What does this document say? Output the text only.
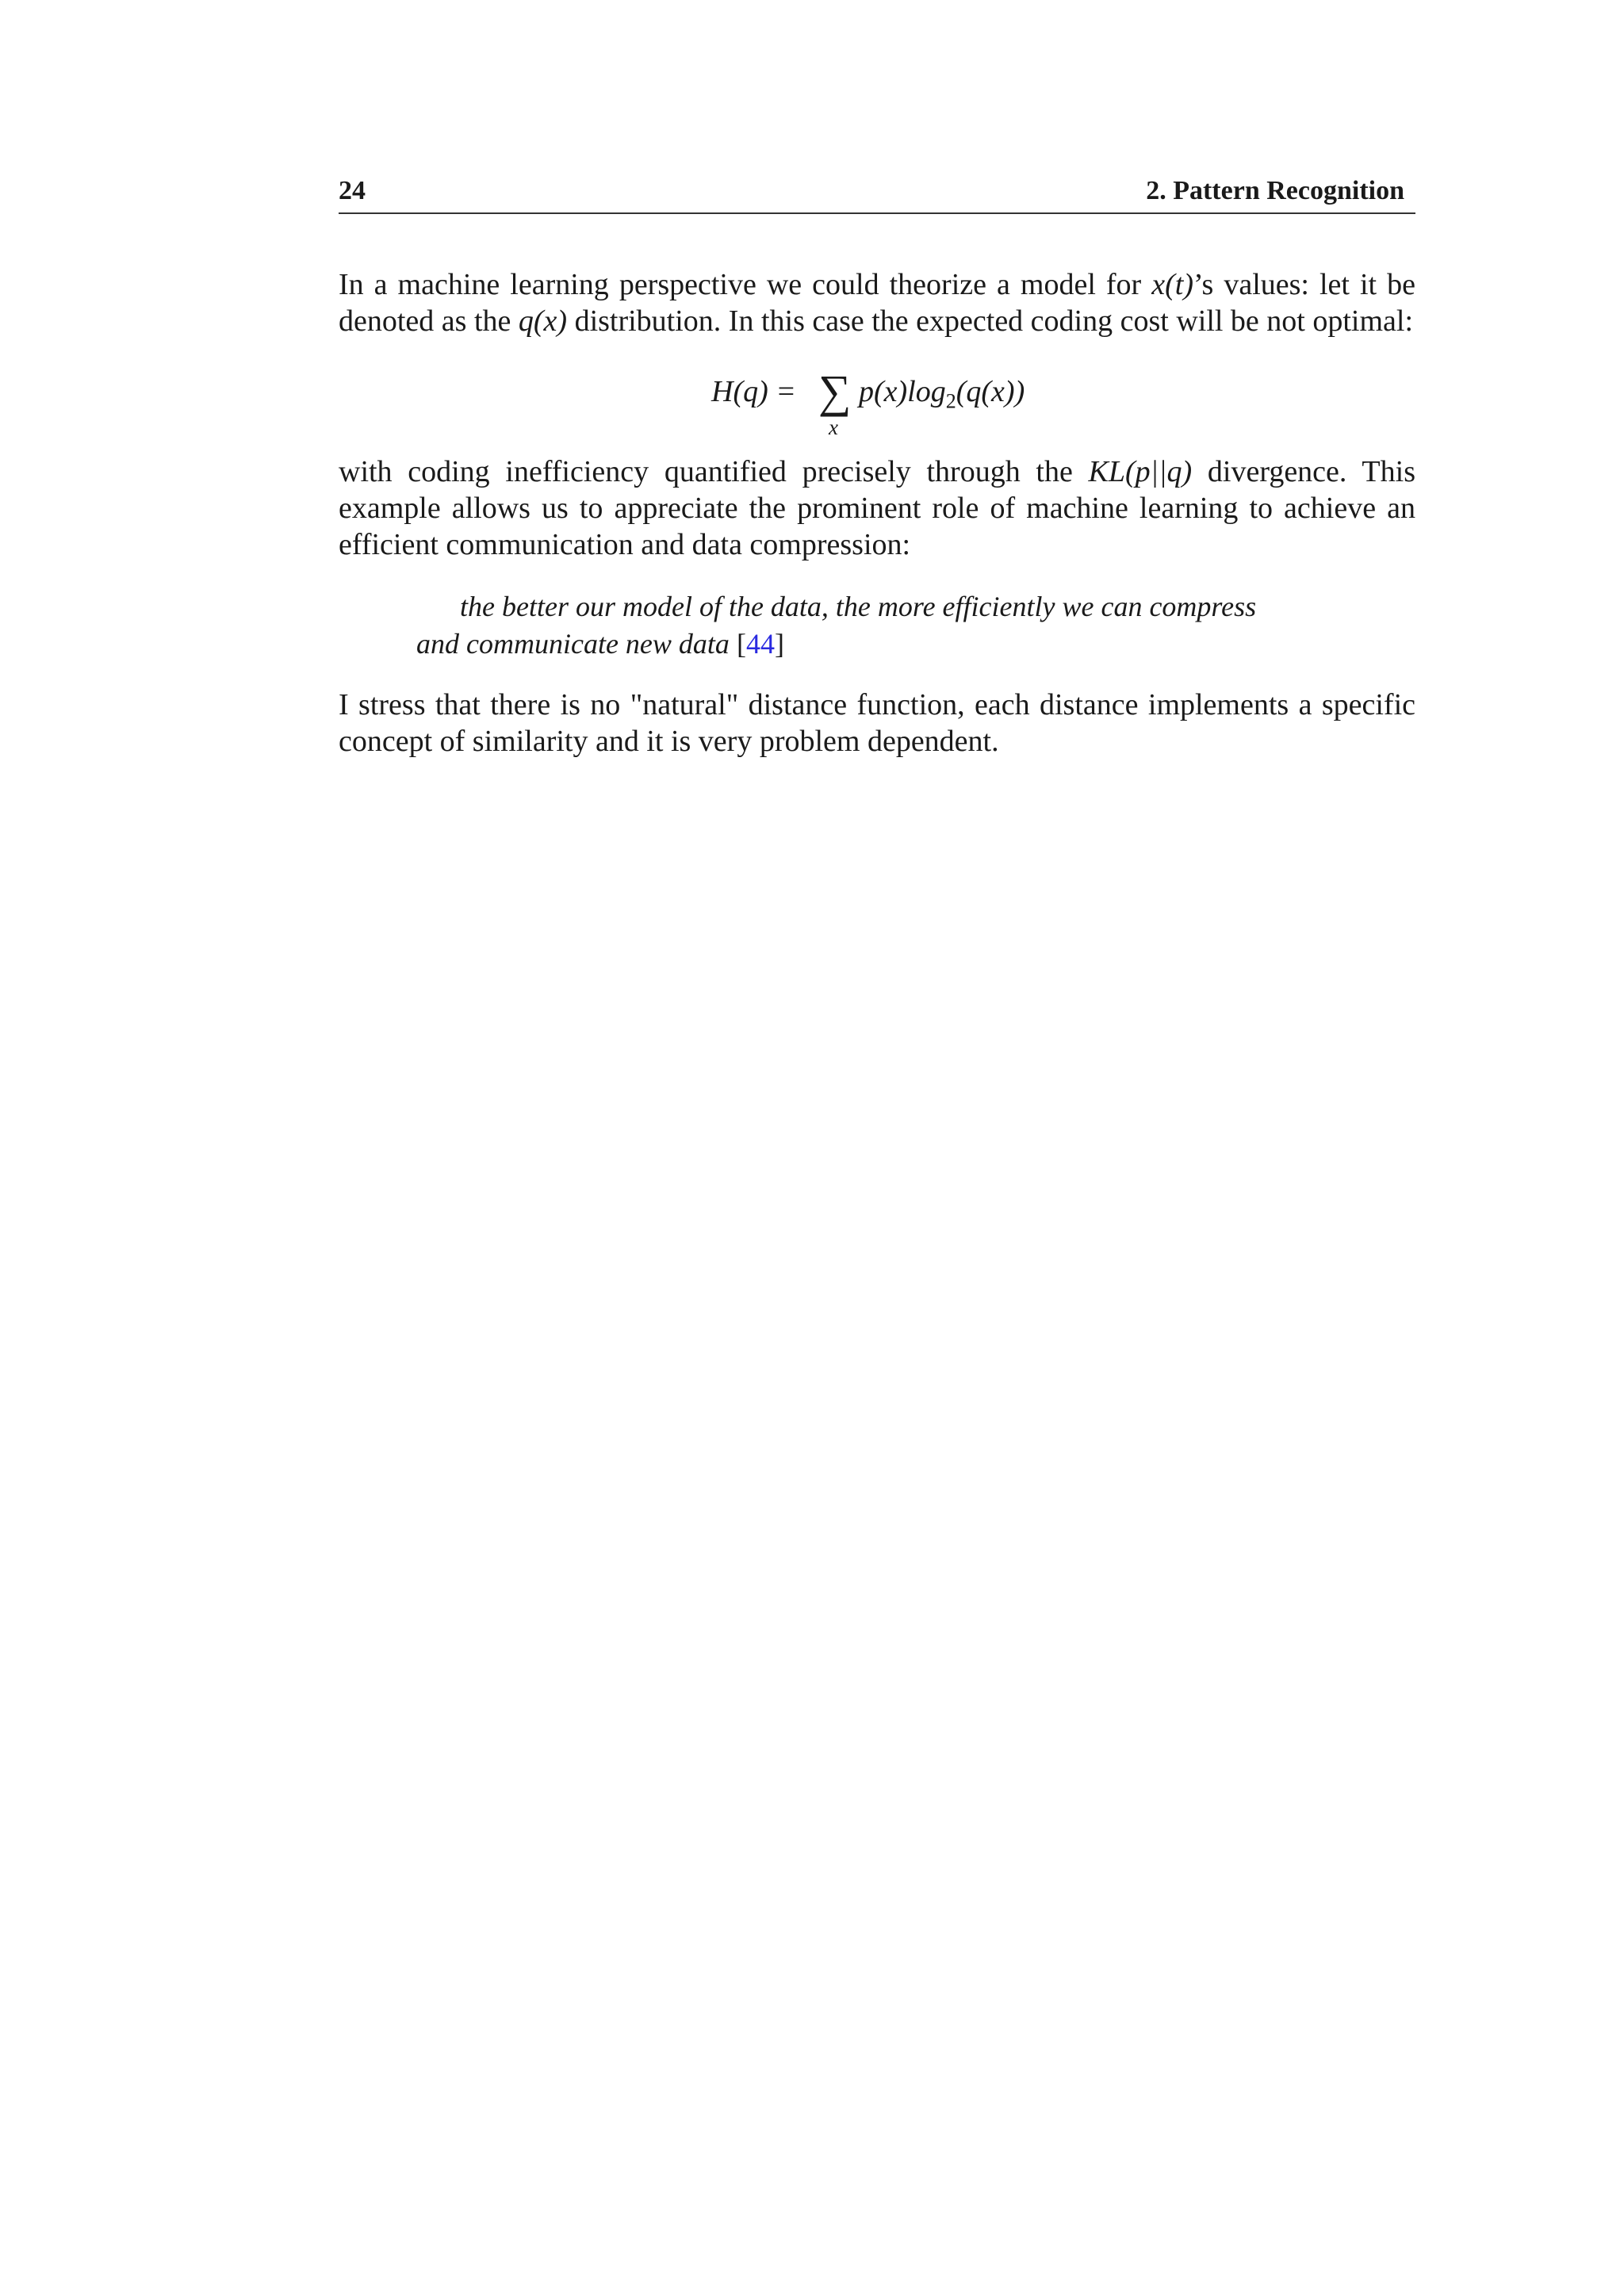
24	2. Pattern Recognition

In a machine learning perspective we could theorize a model for x(t)’s values: let it be denoted as the q(x) distribution. In this case the expected coding cost will be not optimal:

H(q) = ∑
x
$p(x)\log_2(q(x))$

with coding inefficiency quantified precisely through the KL(p||q) divergence. This example allows us to appreciate the prominent role of machine learning to achieve an efficient communication and data compression:

the better our model of the data, the more efficiently we can compress
and communicate new data [44]

I stress that there is no "natural" distance function, each distance implements a specific concept of similarity and it is very problem dependent.
